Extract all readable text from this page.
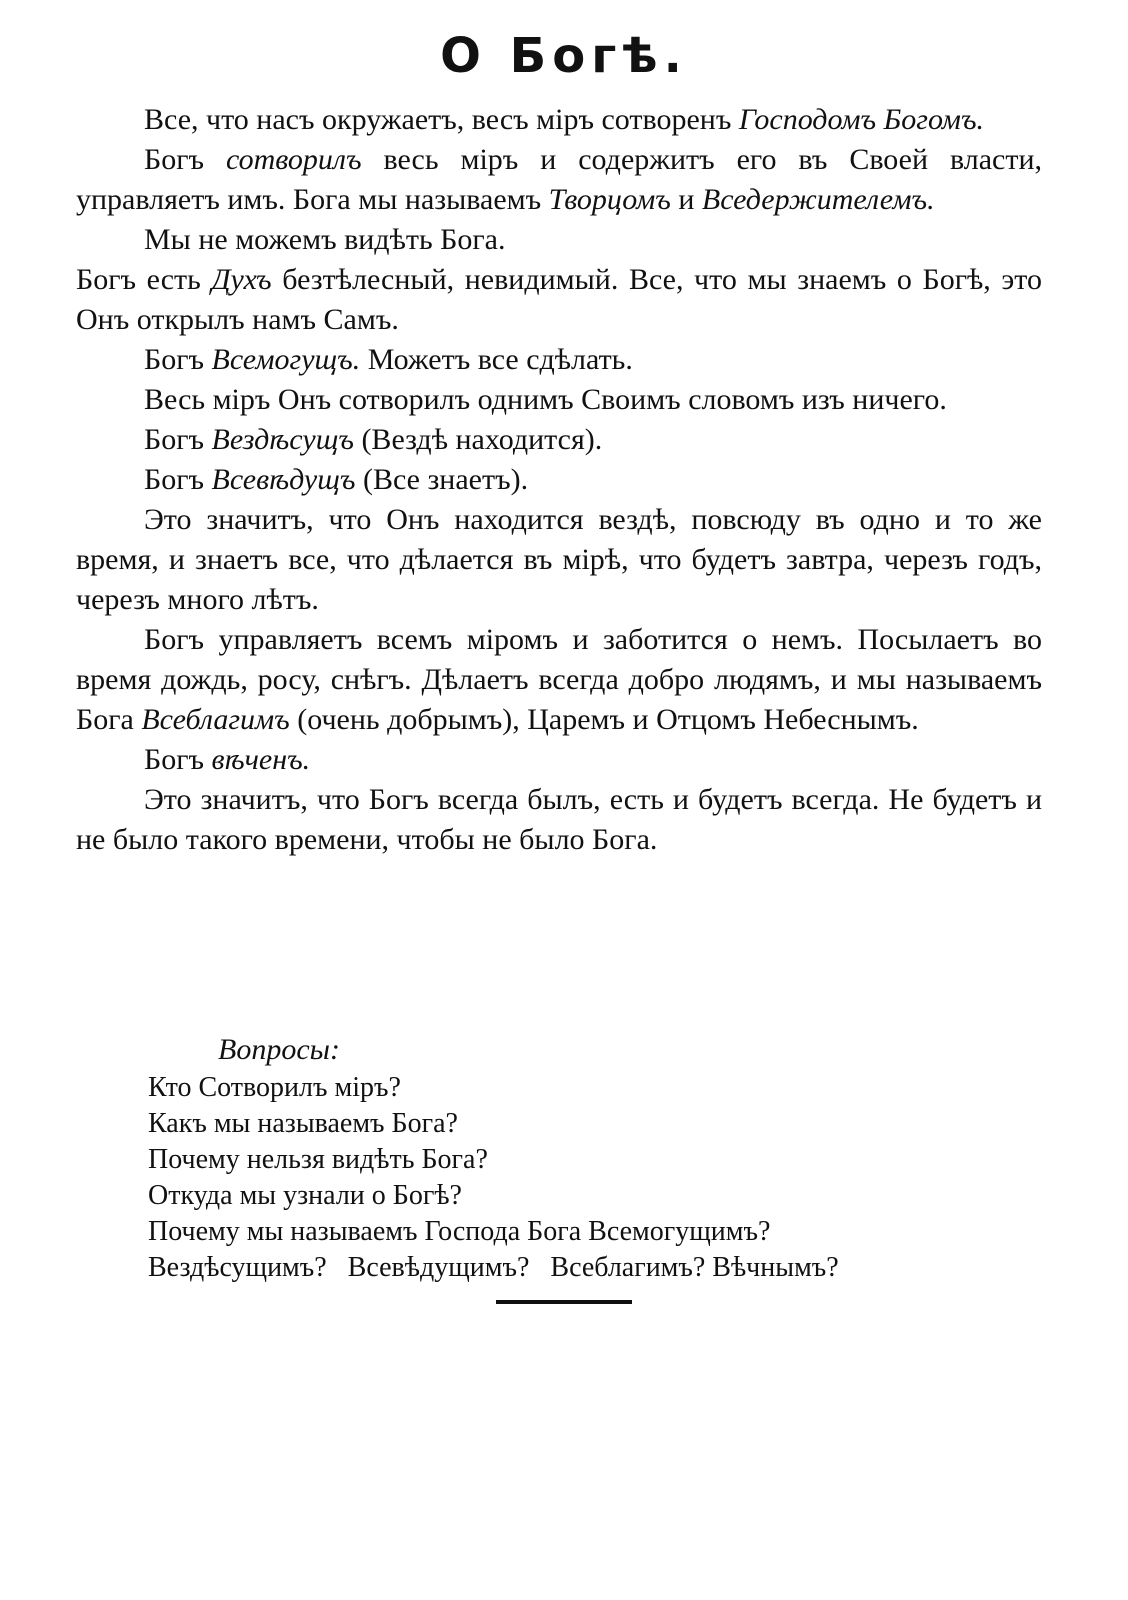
О Богѣ.

Все, что насъ окружаетъ, весъ міръ сотворенъ Господомъ Богомъ.

Богъ сотворилъ весь міръ и содержитъ его въ Своей власти, управляетъ имъ. Бога мы называемъ Творцомъ и Вседержителемъ.

Мы не можемъ видѣть Бога.

Богъ есть Духъ безтѣлесный, невидимый. Все, что мы знаемъ о Богѣ, это Онъ открылъ намъ Самъ.

Богъ Всемогущъ. Можетъ все сдѣлать.

Весь міръ Онъ сотворилъ однимъ Своимъ словомъ изъ ничего.

Богъ Вездѣсущъ (Вездѣ находится).

Богъ Всевѣдущъ (Все знаетъ).

Это значитъ, что Онъ находится вездѣ, повсюду въ одно и то же время, и знаетъ все, что дѣлается въ мірѣ, что будетъ завтра, черезъ годъ, черезъ много лѣтъ.

Богъ управляетъ всемъ міромъ и заботится о немъ. Посылаетъ во время дождь, росу, снѣгъ. Дѣлаетъ всегда добро людямъ, и мы называемъ Бога Всеблагимъ (очень добрымъ), Царемъ и Отцомъ Небеснымъ.

Богъ вѣченъ.

Это значитъ, что Богъ всегда былъ, есть и будетъ всегда. Не будетъ и не было такого времени, чтобы не было Бога.

Вопросы:

Кто Сотворилъ міръ?

Какъ мы называемъ Бога?

Почему нельзя видѣть Бога?

Откуда мы узнали о Богѣ?

Почему мы называемъ Господа Бога Всемогущимъ?

Вездѣсущимъ?   Всевѣдущимъ?   Всеблагимъ? Вѣчнымъ?
